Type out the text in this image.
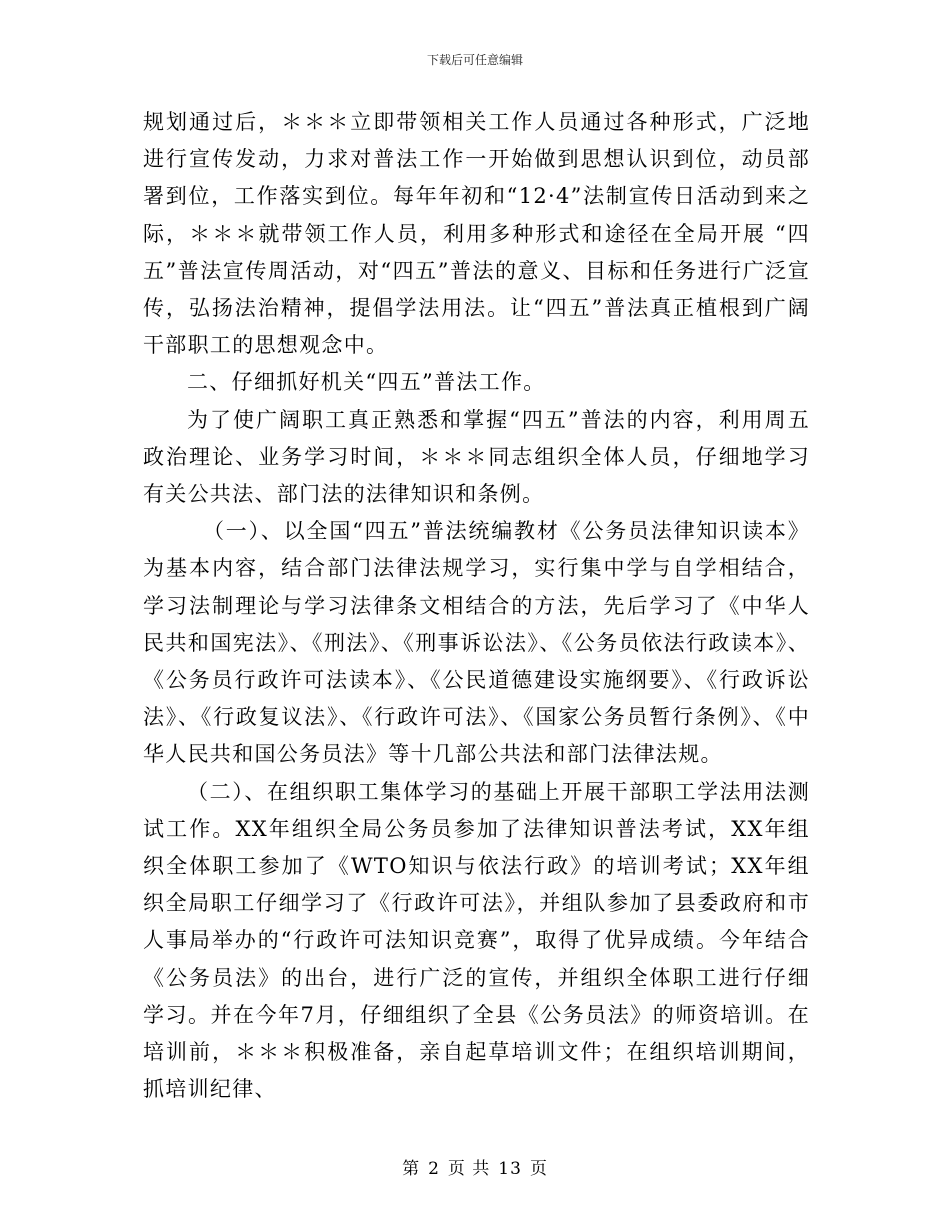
下载后可任意编辑

规划通过后，＊＊＊立即带领相关工作人员通过各种形式，广泛地进行宣传发动，力求对普法工作一开始做到思想认识到位，动员部署到位，工作落实到位。每年年初和“12·4”法制宣传日活动到来之际，＊＊＊就带领工作人员，利用多种形式和途径在全局开展 “四五”普法宣传周活动，对“四五”普法的意义、目标和任务进行广泛宣传，弘扬法治精神，提倡学法用法。让“四五”普法真正植根到广阔干部职工的思想观念中。

二、仔细抓好机关“四五”普法工作。

为了使广阔职工真正熟悉和掌握“四五”普法的内容，利用周五政治理论、业务学习时间，＊＊＊同志组织全体人员，仔细地学习有关公共法、部门法的法律知识和条例。

（一）、以全国“四五”普法统编教材《公务员法律知识读本》为基本内容，结合部门法律法规学习，实行集中学与自学相结合，学习法制理论与学习法律条文相结合的方法，先后学习了《中华人民共和国宪法》、《刑法》、《刑事诉讼法》、《公务员依法行政读本》、《公务员行政许可法读本》、《公民道德建设实施纲要》、《行政诉讼法》、《行政复议法》、《行政许可法》、《国家公务员暂行条例》、《中华人民共和国公务员法》等十几部公共法和部门法律法规。

（二）、在组织职工集体学习的基础上开展干部职工学法用法测试工作。XX年组织全局公务员参加了法律知识普法考试，XX年组织全体职工参加了《WTO知识与依法行政》的培训考试；XX年组织全局职工仔细学习了《行政许可法》，并组队参加了县委政府和市人事局举办的“行政许可法知识竞赛”，取得了优异成绩。今年结合《公务员法》的出台，进行广泛的宣传，并组织全体职工进行仔细学习。并在今年7月，仔细组织了全县《公务员法》的师资培训。在培训前，＊＊＊积极准备，亲自起草培训文件；在组织培训期间，抓培训纪律、

第 2 页 共 13 页
